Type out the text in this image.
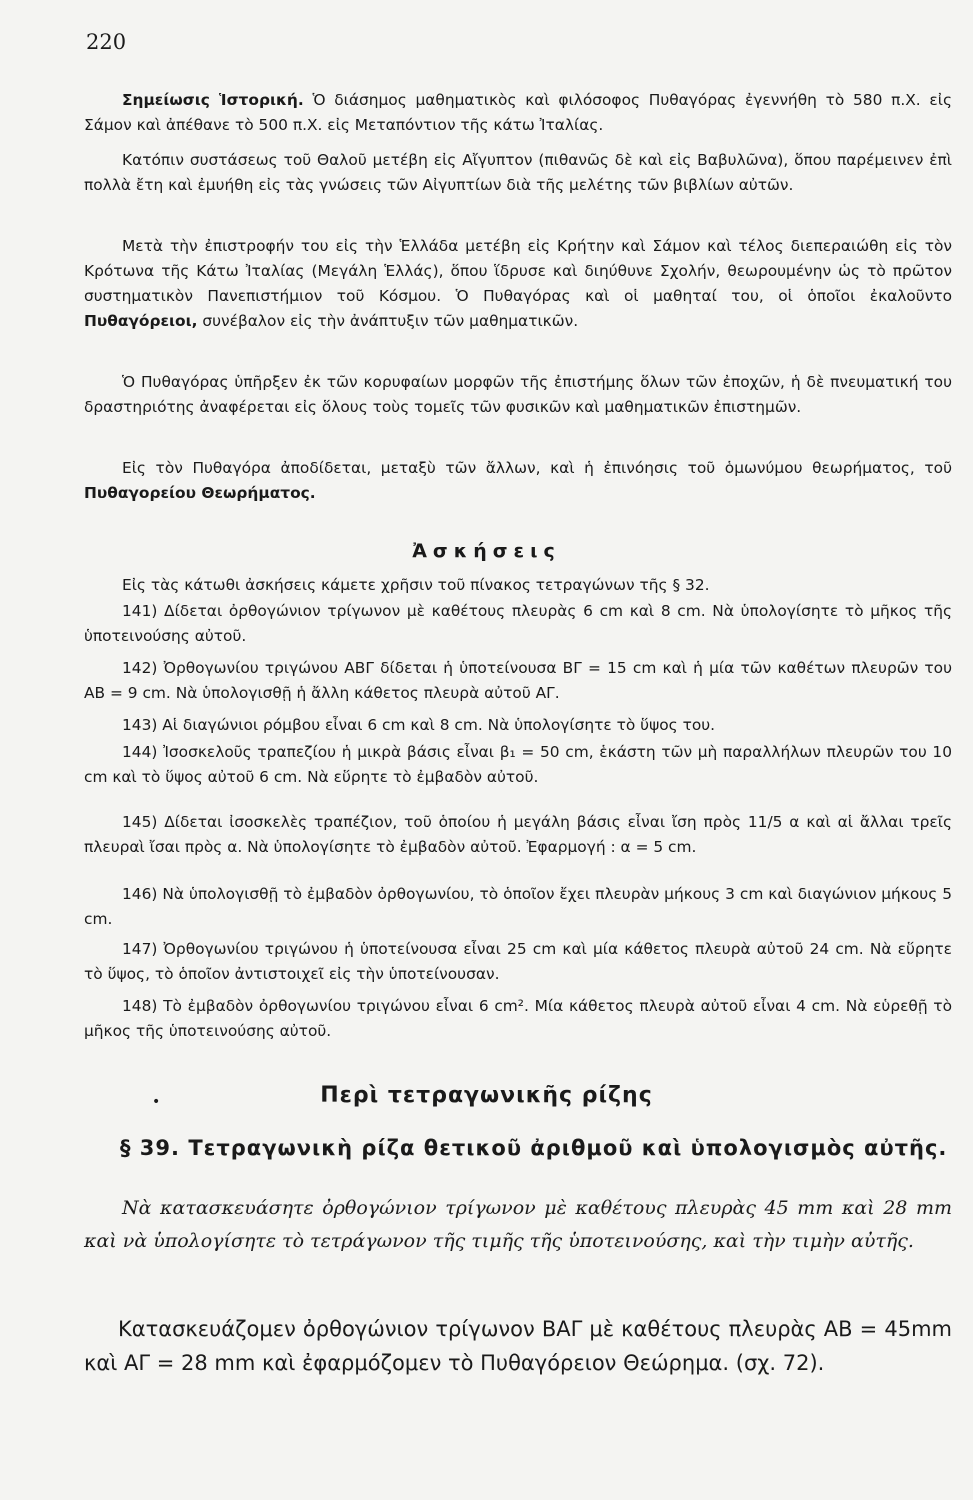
220
Σημείωσις Ἱστορική. Ὁ διάσημος μαθηματικὸς καὶ φιλόσοφος Πυθαγόρας ἐγεννήθη τὸ 580 π.Χ. εἰς Σάμον καὶ ἀπέθανε τὸ 500 π.Χ. εἰς Μεταπόντιον τῆς κάτω Ἰταλίας.
Κατόπιν συστάσεως τοῦ Θαλοῦ μετέβη εἰς Αἴγυπτον (πιθανῶς δὲ καὶ εἰς Βαβυλῶνα), ὅπου παρέμεινεν ἐπὶ πολλὰ ἔτη καὶ ἐμυήθη εἰς τὰς γνώσεις τῶν Αἰγυπτίων διὰ τῆς μελέτης τῶν βιβλίων αὐτῶν.
Μετὰ τὴν ἐπιστροφήν του εἰς τὴν Ἑλλάδα μετέβη εἰς Κρήτην καὶ Σάμον καὶ τέλος διεπεραιώθη εἰς τὸν Κρότωνα τῆς Κάτω Ἰταλίας (Μεγάλη Ἑλλάς), ὅπου ἵδρυσε καὶ διηύθυνε Σχολήν, θεωρουμένην ὡς τὸ πρῶτον συστηματικὸν Πανεπιστήμιον τοῦ Κόσμου. Ὁ Πυθαγόρας καὶ οἱ μαθηταί του, οἱ ὁποῖοι ἐκαλοῦντο Πυθαγόρειοι, συνέβαλον εἰς τὴν ἀνάπτυξιν τῶν μαθηματικῶν.
Ὁ Πυθαγόρας ὑπῆρξεν ἐκ τῶν κορυφαίων μορφῶν τῆς ἐπιστήμης ὅλων τῶν ἐποχῶν, ἡ δὲ πνευματική του δραστηριότης ἀναφέρεται εἰς ὅλους τοὺς τομεῖς τῶν φυσικῶν καὶ μαθηματικῶν ἐπιστημῶν.
Εἰς τὸν Πυθαγόρα ἀποδίδεται, μεταξὺ τῶν ἄλλων, καὶ ἡ ἐπινόησις τοῦ ὁμωνύμου θεωρήματος, τοῦ Πυθαγορείου Θεωρήματος.
Ἀσκήσεις
Εἰς τὰς κάτωθι ἀσκήσεις κάμετε χρῆσιν τοῦ πίνακος τετραγώνων τῆς § 32.
141) Δίδεται ὀρθογώνιον τρίγωνον μὲ καθέτους πλευρὰς 6 cm καὶ 8 cm. Νὰ ὑπολογίσητε τὸ μῆκος τῆς ὑποτεινούσης αὐτοῦ.
142) Ὀρθογωνίου τριγώνου ΑΒΓ δίδεται ἡ ὑποτείνουσα ΒΓ = 15 cm καὶ ἡ μία τῶν καθέτων πλευρῶν του ΑΒ = 9 cm. Νὰ ὑπολογισθῇ ἡ ἄλλη κάθετος πλευρὰ αὐτοῦ ΑΓ.
143) Αἱ διαγώνιοι ρόμβου εἶναι 6 cm καὶ 8 cm. Νὰ ὑπολογίσητε τὸ ὕψος του.
144) Ἰσοσκελοῦς τραπεζίου ἡ μικρὰ βάσις εἶναι β₁ = 50 cm, ἑκάστη τῶν μὴ παραλλήλων πλευρῶν του 10 cm καὶ τὸ ὕψος αὐτοῦ 6 cm. Νὰ εὕρητε τὸ ἐμβαδὸν αὐτοῦ.
145) Δίδεται ἰσοσκελὲς τραπέζιον, τοῦ ὁποίου ἡ μεγάλη βάσις εἶναι ἴση πρὸς 11/5 α καὶ αἱ ἄλλαι τρεῖς πλευραὶ ἴσαι πρὸς α. Νὰ ὑπολογίσητε τὸ ἐμβαδὸν αὐτοῦ. Ἐφαρμογή : α = 5 cm.
146) Νὰ ὑπολογισθῇ τὸ ἐμβαδὸν ὀρθογωνίου, τὸ ὁποῖον ἔχει πλευρὰν μήκους 3 cm καὶ διαγώνιον μήκους 5 cm.
147) Ὀρθογωνίου τριγώνου ἡ ὑποτείνουσα εἶναι 25 cm καὶ μία κάθετος πλευρὰ αὐτοῦ 24 cm. Νὰ εὕρητε τὸ ὕψος, τὸ ὁποῖον ἀντιστοιχεῖ εἰς τὴν ὑποτείνουσαν.
148) Τὸ ἐμβαδὸν ὀρθογωνίου τριγώνου εἶναι 6 cm². Μία κάθετος πλευρὰ αὐτοῦ εἶναι 4 cm. Νὰ εὑρεθῇ τὸ μῆκος τῆς ὑποτεινούσης αὐτοῦ.
•	Περὶ τετραγωνικῆς ρίζης
§ 39. Τετραγωνικὴ ρίζα θετικοῦ ἀριθμοῦ καὶ ὑπολογισμὸς αὐτῆς.
Νὰ κατασκευάσητε ὀρθογώνιον τρίγωνον μὲ καθέτους πλευρὰς 45 mm καὶ 28 mm καὶ νὰ ὑπολογίσητε τὸ τετράγωνον τῆς τιμῆς τῆς ὑποτεινούσης, καὶ τὴν τιμὴν αὐτῆς.
Κατασκευάζομεν ὀρθογώνιον τρίγωνον ΒΑΓ μὲ καθέτους πλευρὰς ΑΒ = 45mm καὶ ΑΓ = 28 mm καὶ ἐφαρμόζομεν τὸ Πυθαγόρειον Θεώρημα. (σχ. 72).
